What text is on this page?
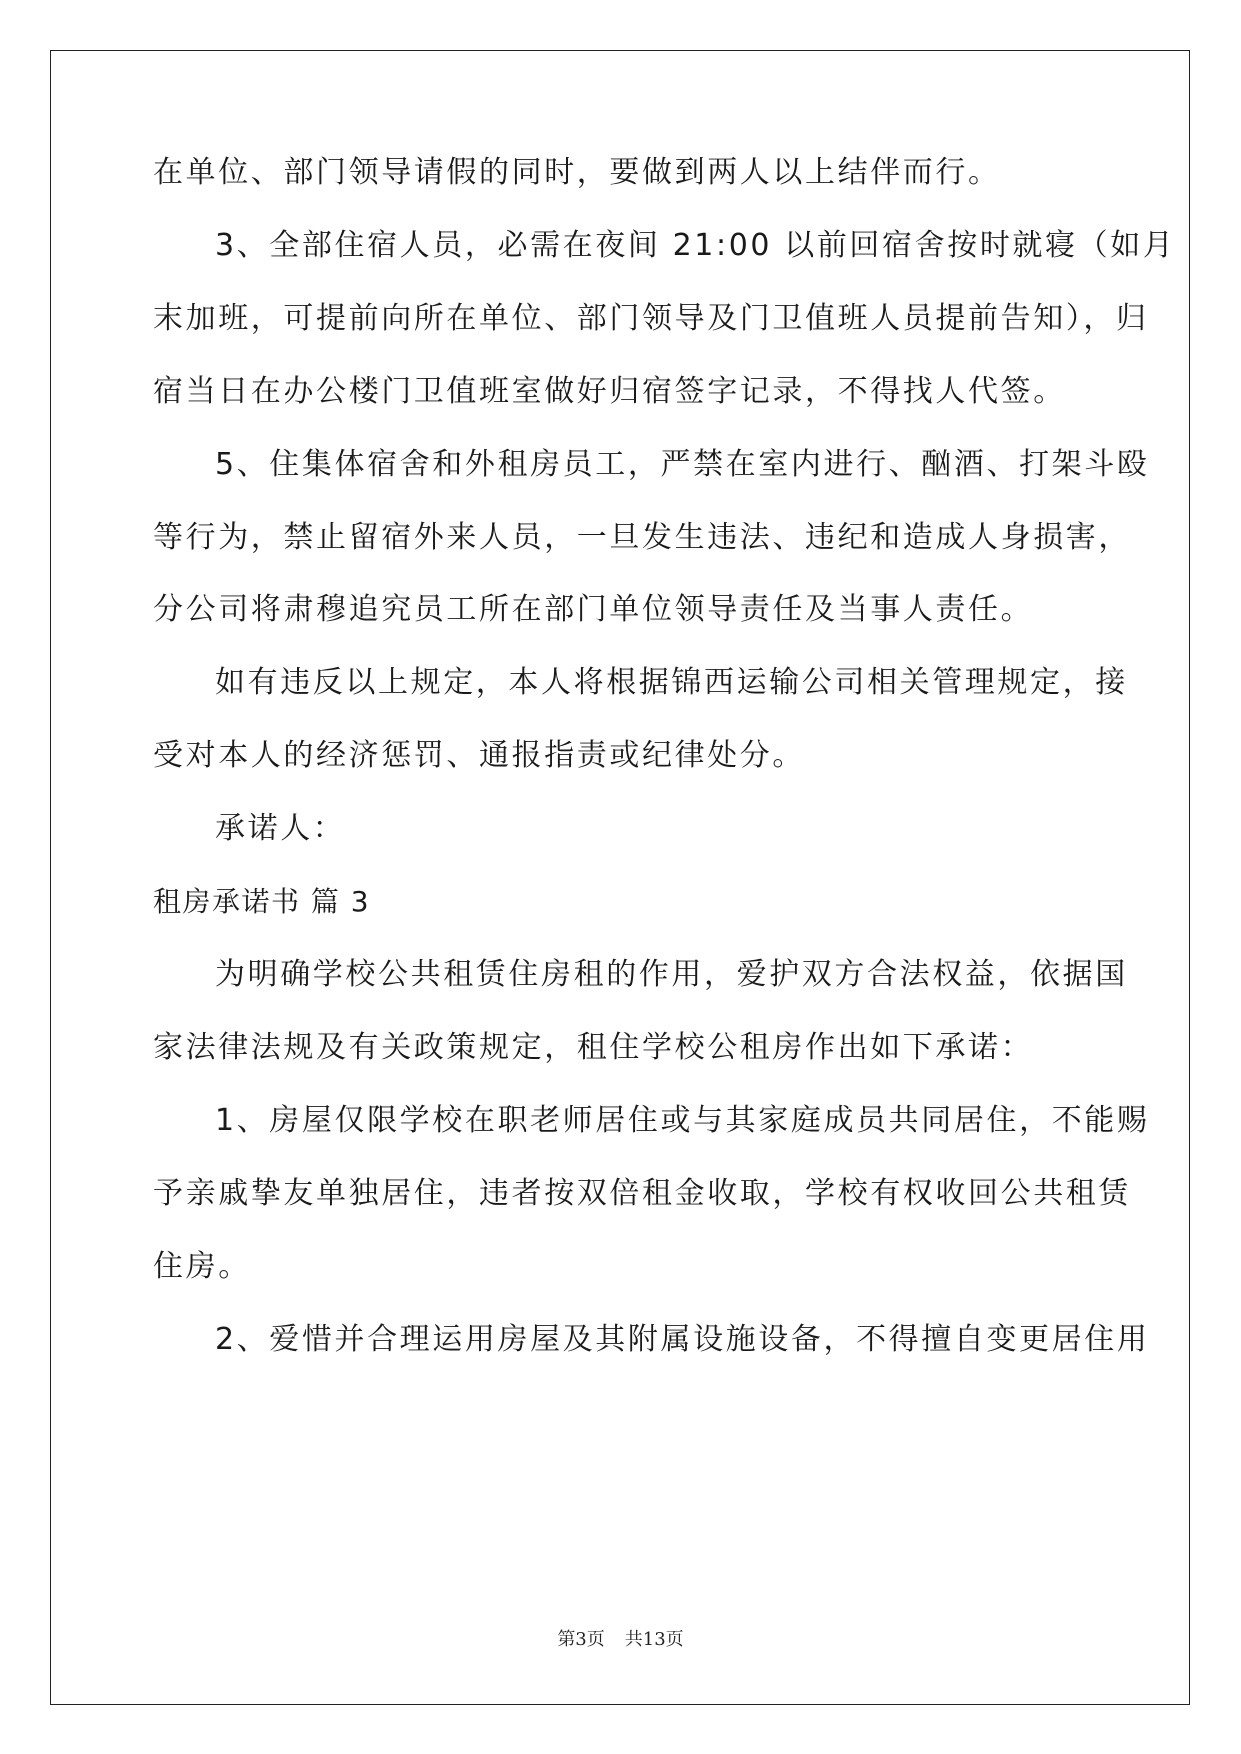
在单位、部门领导请假的同时，要做到两人以上结伴而行。

3、全部住宿人员，必需在夜间 21:00 以前回宿舍按时就寝（如月

末加班，可提前向所在单位、部门领导及门卫值班人员提前告知），归

宿当日在办公楼门卫值班室做好归宿签字记录，不得找人代签。

5、住集体宿舍和外租房员工，严禁在室内进行、酗酒、打架斗殴

等行为，禁止留宿外来人员，一旦发生违法、违纪和造成人身损害，

分公司将肃穆追究员工所在部门单位领导责任及当事人责任。

如有违反以上规定，本人将根据锦西运输公司相关管理规定，接

受对本人的经济惩罚、通报指责或纪律处分。

承诺人：

租房承诺书 篇 3

为明确学校公共租赁住房租的作用，爱护双方合法权益，依据国

家法律法规及有关政策规定，租住学校公租房作出如下承诺：

1、房屋仅限学校在职老师居住或与其家庭成员共同居住，不能赐

予亲戚挚友单独居住，违者按双倍租金收取，学校有权收回公共租赁

住房。

2、爱惜并合理运用房屋及其附属设施设备，不得擅自变更居住用

第3页 共13页
